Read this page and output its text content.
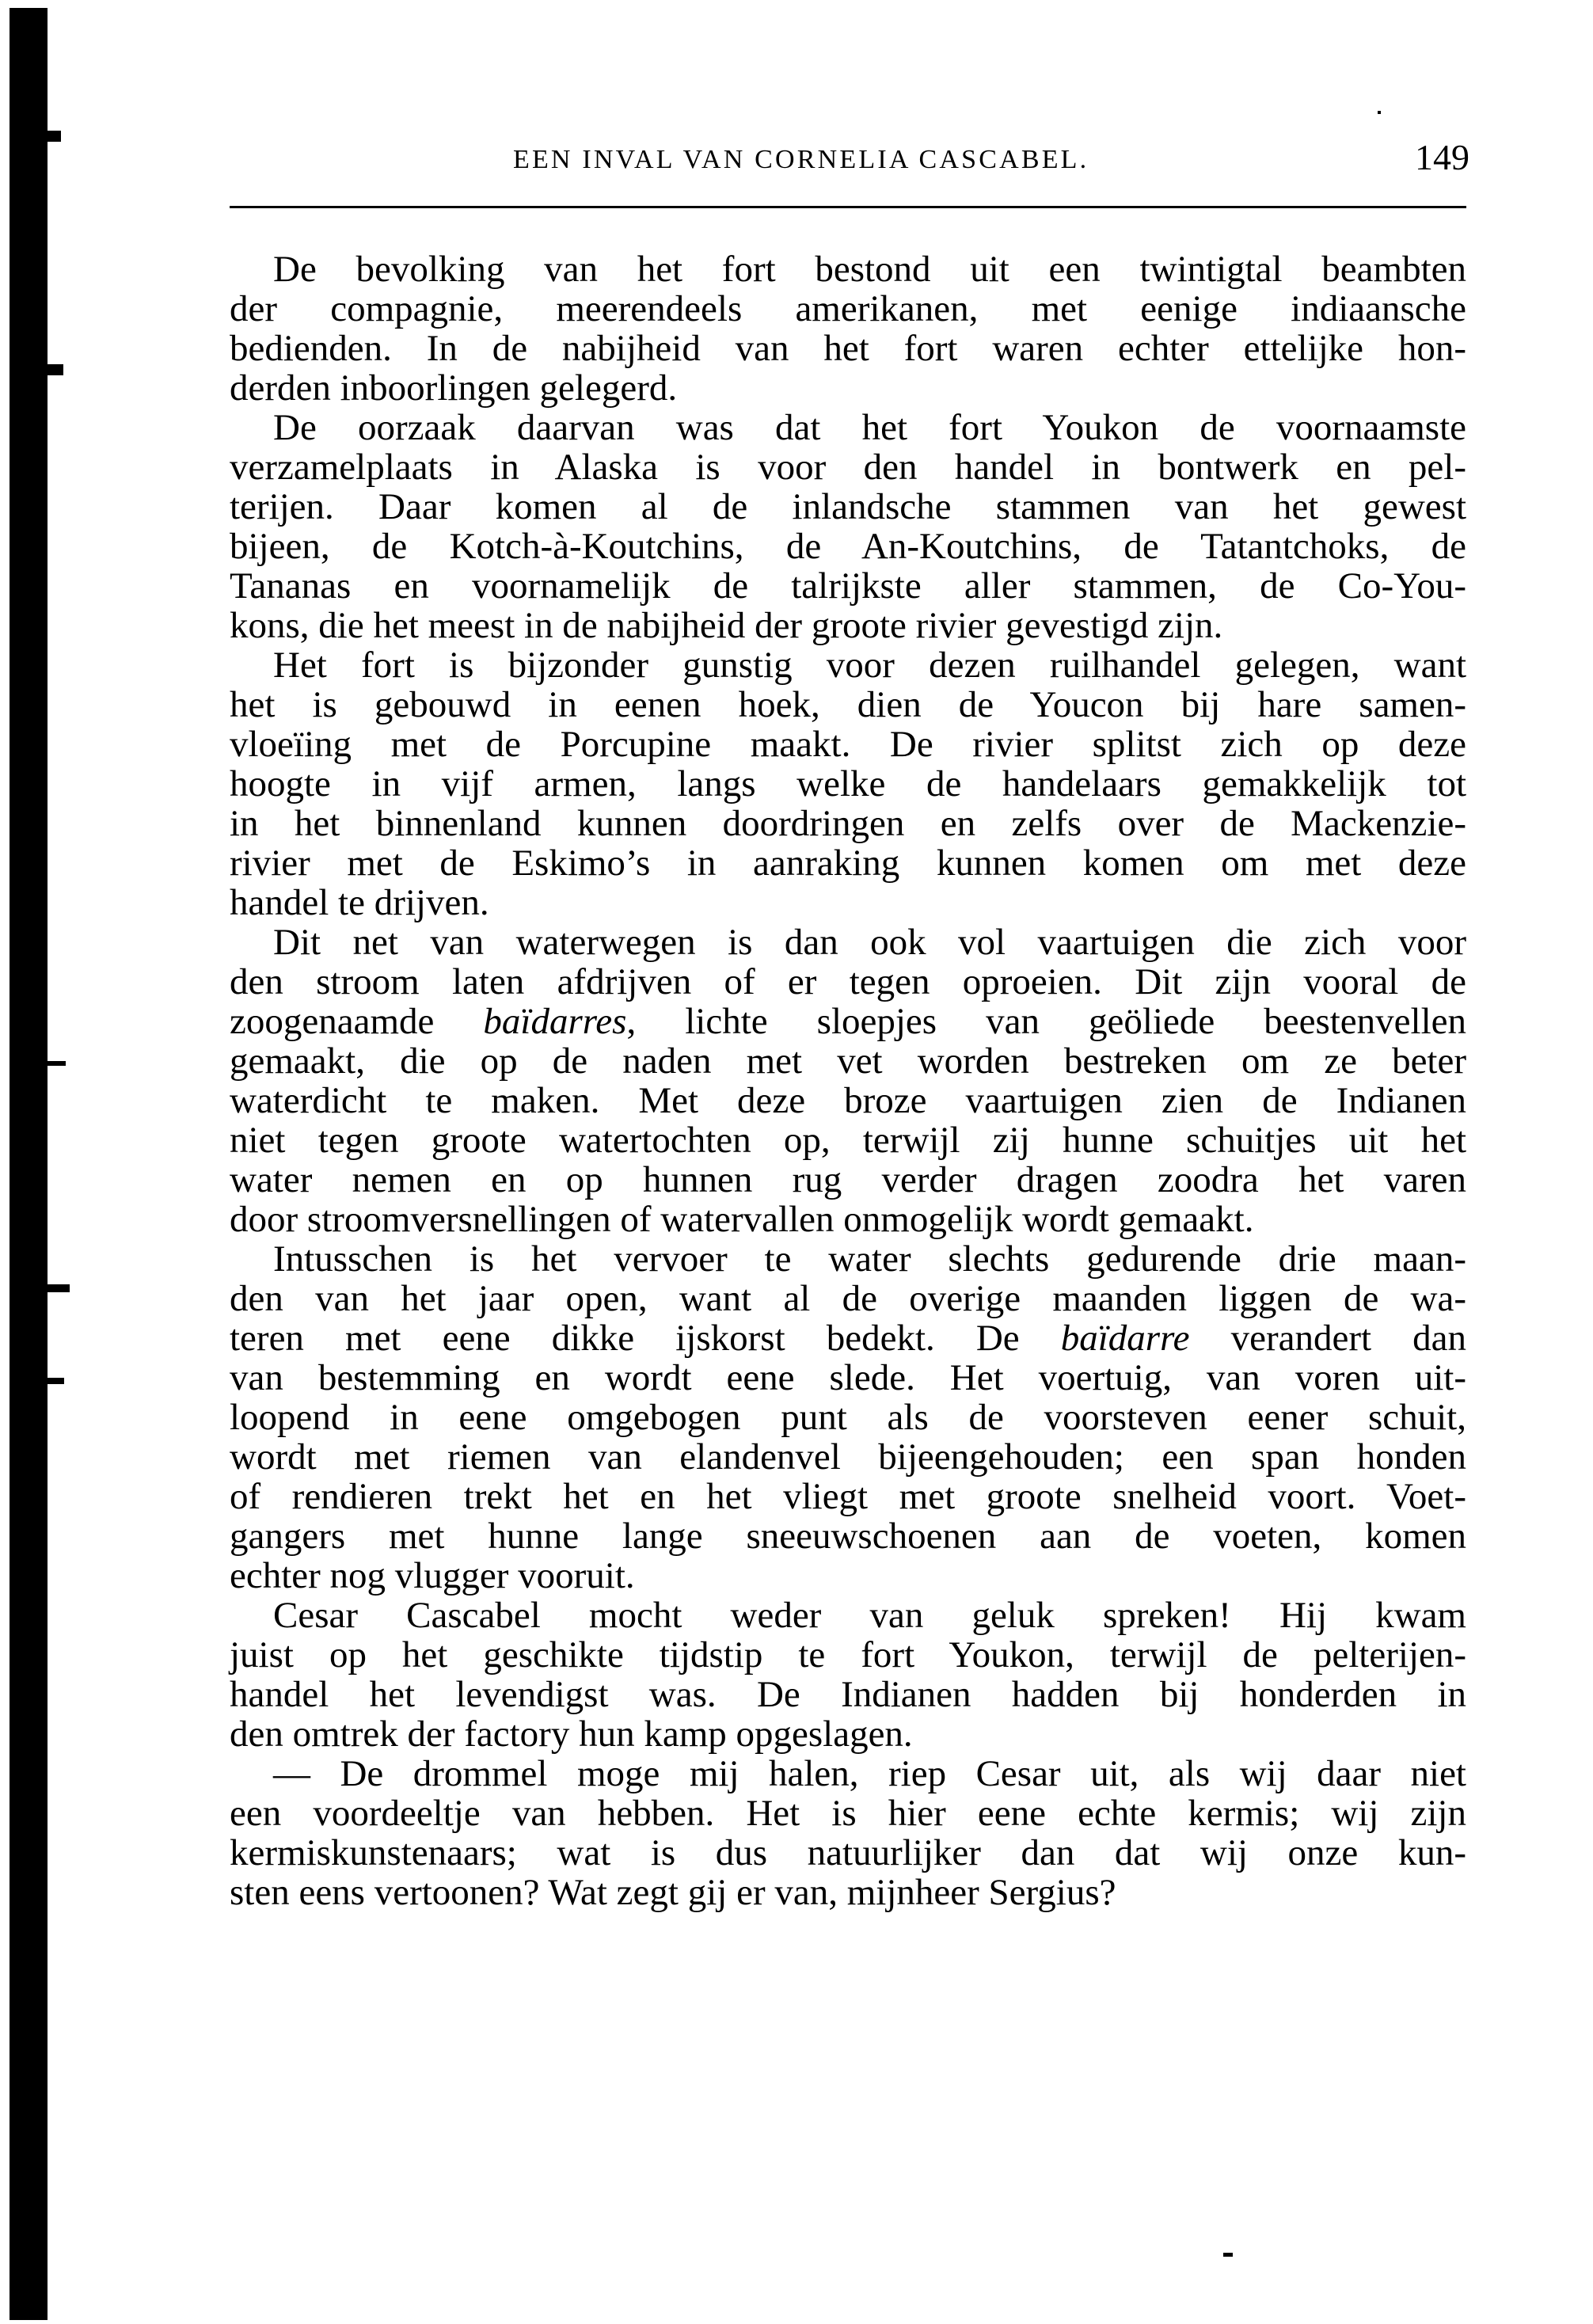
EEN INVAL VAN CORNELIA CASCABEL.	149
De bevolking van het fort bestond uit een twintigtal beambten
der compagnie, meerendeels amerikanen, met eenige indiaansche
bedienden. In de nabijheid van het fort waren echter ettelijke hon-
derden inboorlingen gelegerd.
De oorzaak daarvan was dat het fort Youkon de voornaamste
verzamelplaats in Alaska is voor den handel in bontwerk en pel-
terijen. Daar komen al de inlandsche stammen van het gewest
bijeen, de Kotch-à-Koutchins, de An-Koutchins, de Tatantchoks, de
Tananas en voornamelijk de talrijkste aller stammen, de Co-You-
kons, die het meest in de nabijheid der groote rivier gevestigd zijn.
Het fort is bijzonder gunstig voor dezen ruilhandel gelegen, want
het is gebouwd in eenen hoek, dien de Youcon bij hare samen-
vloeïing met de Porcupine maakt. De rivier splitst zich op deze
hoogte in vijf armen, langs welke de handelaars gemakkelijk tot
in het binnenland kunnen doordringen en zelfs over de Mackenzie-
rivier met de Eskimo’s in aanraking kunnen komen om met deze
handel te drijven.
Dit net van waterwegen is dan ook vol vaartuigen die zich voor
den stroom laten afdrijven of er tegen oproeien. Dit zijn vooral de
zoogenaamde baïdarres, lichte sloepjes van geöliede beestenvellen
gemaakt, die op de naden met vet worden bestreken om ze beter
waterdicht te maken. Met deze broze vaartuigen zien de Indianen
niet tegen groote watertochten op, terwijl zij hunne schuitjes uit het
water nemen en op hunnen rug verder dragen zoodra het varen
door stroomversnellingen of watervallen onmogelijk wordt gemaakt.
Intusschen is het vervoer te water slechts gedurende drie maan-
den van het jaar open, want al de overige maanden liggen de wa-
teren met eene dikke ijskorst bedekt. De baïdarre verandert dan
van bestemming en wordt eene slede. Het voertuig, van voren uit-
loopend in eene omgebogen punt als de voorsteven eener schuit,
wordt met riemen van elandenvel bijeengehouden; een span honden
of rendieren trekt het en het vliegt met groote snelheid voort. Voet-
gangers met hunne lange sneeuwschoenen aan de voeten, komen
echter nog vlugger vooruit.
Cesar Cascabel mocht weder van geluk spreken! Hij kwam
juist op het geschikte tijdstip te fort Youkon, terwijl de pelterijen-
handel het levendigst was. De Indianen hadden bij honderden in
den omtrek der factory hun kamp opgeslagen.
— De drommel moge mij halen, riep Cesar uit, als wij daar niet
een voordeeltje van hebben. Het is hier eene echte kermis; wij zijn
kermiskunstenaars; wat is dus natuurlijker dan dat wij onze kun-
sten eens vertoonen? Wat zegt gij er van, mijnheer Sergius?
